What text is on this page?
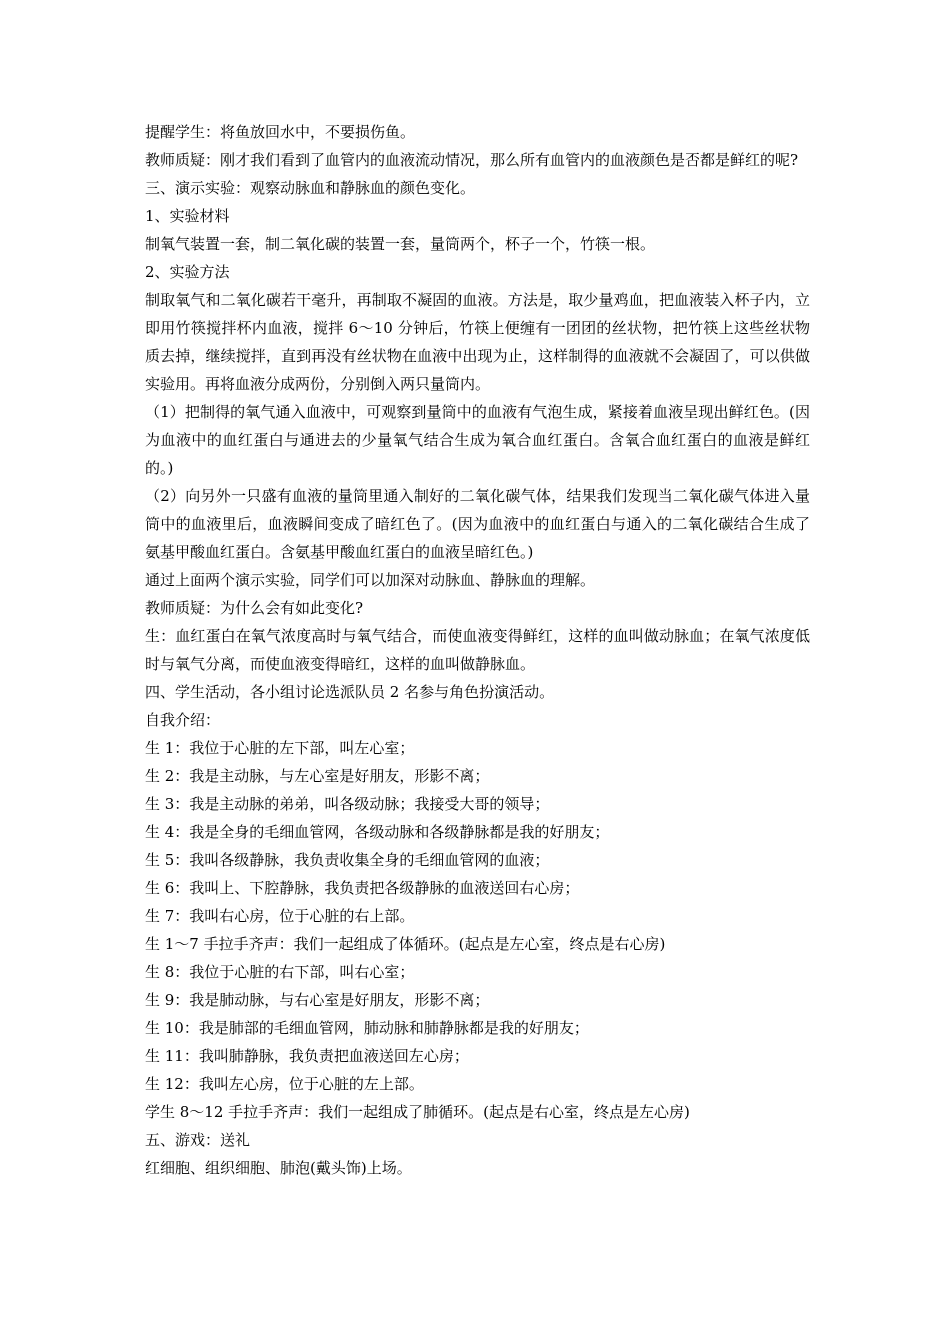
提醒学生：将鱼放回水中，不要损伤鱼。

教师质疑：刚才我们看到了血管内的血液流动情况，那么所有血管内的血液颜色是否都是鲜红的呢?

三、演示实验：观察动脉血和静脉血的颜色变化。

1、实验材料

制氧气装置一套，制二氧化碳的装置一套，量筒两个，杯子一个，竹筷一根。

2、实验方法

制取氧气和二氧化碳若干毫升，再制取不凝固的血液。方法是，取少量鸡血，把血液装入杯子内，立即用竹筷搅拌杯内血液，搅拌 6～10 分钟后，竹筷上便缠有一团团的丝状物，把竹筷上这些丝状物质去掉，继续搅拌，直到再没有丝状物在血液中出现为止，这样制得的血液就不会凝固了，可以供做实验用。再将血液分成两份，分别倒入两只量筒内。

（1）把制得的氧气通入血液中，可观察到量筒中的血液有气泡生成，紧接着血液呈现出鲜红色。(因为血液中的血红蛋白与通进去的少量氧气结合生成为氧合血红蛋白。含氧合血红蛋白的血液是鲜红的。)

（2）向另外一只盛有血液的量筒里通入制好的二氧化碳气体，结果我们发现当二氧化碳气体进入量筒中的血液里后，血液瞬间变成了暗红色了。(因为血液中的血红蛋白与通入的二氧化碳结合生成了氨基甲酸血红蛋白。含氨基甲酸血红蛋白的血液呈暗红色。)

通过上面两个演示实验，同学们可以加深对动脉血、静脉血的理解。

教师质疑：为什么会有如此变化?

生：血红蛋白在氧气浓度高时与氧气结合，而使血液变得鲜红，这样的血叫做动脉血；在氧气浓度低时与氧气分离，而使血液变得暗红，这样的血叫做静脉血。

四、学生活动，各小组讨论选派队员 2 名参与角色扮演活动。

自我介绍：

生 1：我位于心脏的左下部，叫左心室；

生 2：我是主动脉，与左心室是好朋友，形影不离；

生 3：我是主动脉的弟弟，叫各级动脉；我接受大哥的领导；

生 4：我是全身的毛细血管网，各级动脉和各级静脉都是我的好朋友；

生 5：我叫各级静脉，我负责收集全身的毛细血管网的血液；

生 6：我叫上、下腔静脉，我负责把各级静脉的血液送回右心房；

生 7：我叫右心房，位于心脏的右上部。

生 1～7 手拉手齐声：我们一起组成了体循环。(起点是左心室，终点是右心房)

生 8：我位于心脏的右下部，叫右心室；

生 9：我是肺动脉，与右心室是好朋友，形影不离；

生 10：我是肺部的毛细血管网，肺动脉和肺静脉都是我的好朋友；

生 11：我叫肺静脉，我负责把血液送回左心房；

生 12：我叫左心房，位于心脏的左上部。

学生 8～12 手拉手齐声：我们一起组成了肺循环。(起点是右心室，终点是左心房)

五、游戏：送礼

红细胞、组织细胞、肺泡(戴头饰)上场。
